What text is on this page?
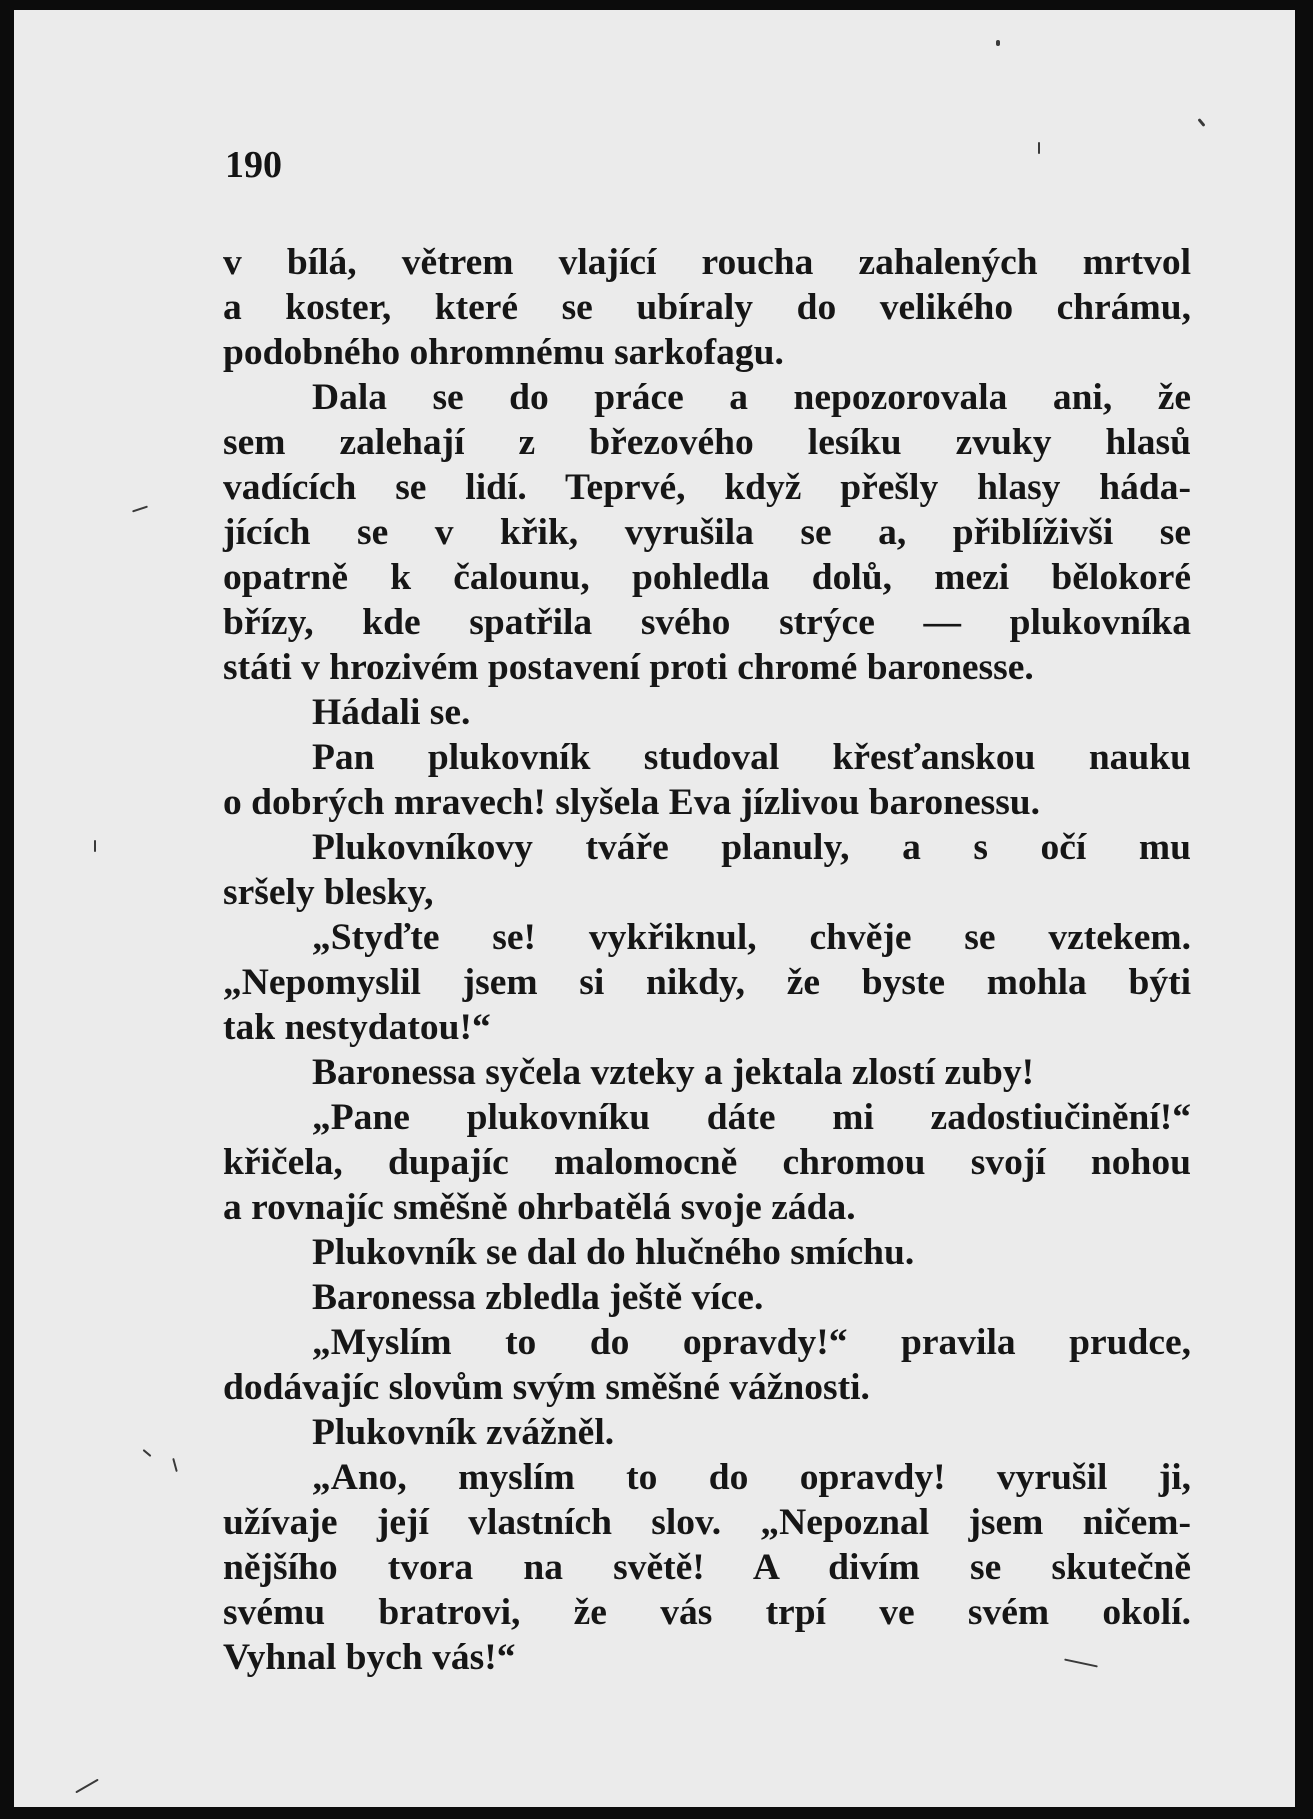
190
v bílá, větrem vlající roucha zahalených mrtvol
a koster, které se ubíraly do velikého chrámu,
podobného ohromnému sarkofagu.
Dala se do práce a nepozorovala ani, že
sem zalehají z březového lesíku zvuky hlasů
vadících se lidí. Teprvé, když přešly hlasy háda-
jících se v křik, vyrušila se a, přiblíživši se
opatrně k čalounu, pohledla dolů, mezi bělokoré
břízy, kde spatřila svého strýce — plukovníka
státi v hrozivém postavení proti chromé baronesse.
Hádali se.
Pan plukovník studoval křesťanskou nauku
o dobrých mravech! slyšela Eva jízlivou baronessu.
Plukovníkovy tváře planuly, a s očí mu
sršely blesky,
„Styďte se! vykřiknul, chvěje se vztekem.
„Nepomyslil jsem si nikdy, že byste mohla býti
tak nestydatou!“
Baronessa syčela vzteky a jektala zlostí zuby!
„Pane plukovníku dáte mi zadostiučinění!“
křičela, dupajíc malomocně chromou svojí nohou
a rovnajíc směšně ohrbatělá svoje záda.
Plukovník se dal do hlučného smíchu.
Baronessa zbledla ještě více.
„Myslím to do opravdy!“ pravila prudce,
dodávajíc slovům svým směšné vážnosti.
Plukovník zvážněl.
„Ano, myslím to do opravdy! vyrušil ji,
užívaje její vlastních slov. „Nepoznal jsem ničem-
nějšího tvora na světě! A divím se skutečně
svému bratrovi, že vás trpí ve svém okolí.
Vyhnal bych vás!“
